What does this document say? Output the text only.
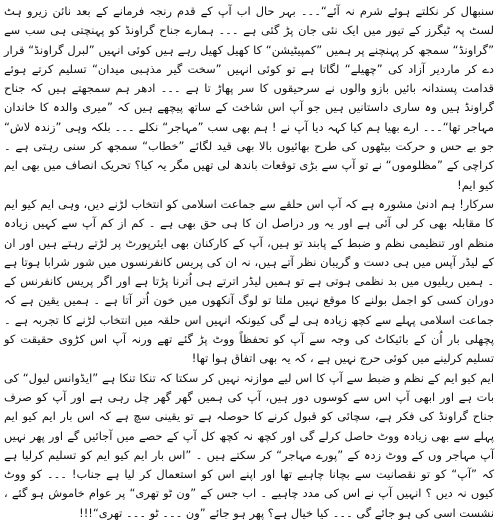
سنبھال کر نکلتے ہوئے شرم نہ آئے“۔۔۔ بہر حال اب آپ کے قدم رنجہ فرمانے کے بعد نائن زیرو ہٹ لسٹ پہ ٹیگرز کے تیور میں ایک نئی جان پڑ گئی ہے ۔۔۔ ہمارے جناح گراونڈ کو پہنچتی ہی سب سے ”گراونڈ“ سمجھ کر پہنچنے پر ہمیں ”کمپیٹیشن“ کا کھیل کھیل رہے ہیں کوئی انہیں ”لبرل گراونڈ“ قرار دے کر ماردیر آزاد کی ”چھیلے“ لگاتا ہے تو کوئی انہیں ”سخت گیر مذہبی میدان“ تسلیم کرتے ہوئے قدامت پسندانہ بائیں بازو والوں نے سرحیقوں کا سر پھاڑ تا ہے ۔۔۔ ادھر ہم سمجھتے ہیں کہ جناح گراونڈ ہیں وہ ساری داستانیں ہیں جو آپ اس شاخت کے ساتھ پیچھے ہیں کہ ”میری والدہ کا خاندان مہاجر تھا“۔۔۔ ارے بھیا ہم کیا کہہ دیا آپ نے ! ہم بھی سب ”مہاجر“ نکلے ۔۔۔ بلکہ وہی ”زندہ لاش“ جو بے حس و حرکت بیٹھوں کی طرح بھائیوں بالا بھی قید لگائے ”خطاب“ سمجھ کر سنی رہتی ہے ۔ کراچی کے ”مظلوموں“ نے تو آپ سے بڑی توقعات باندھ لی تھیں مگر یہ کیا؟ تحریک انصاف میں بھی ایم کیو ایم!

سرکار! ہم ادنیٰ مشورہ ہے کہ آپ اس حلقے سے جماعت اسلامی کو انتخاب لڑنے دیں، وہی ایم کیو ایم کا مقابلہ بھی کر لی آئی ہے اور یہ ور دراصل ان کا ہی حق بھی ہے ۔ کم از کم آپ سے کہیں زیادہ منظم اور تنظیمی نظم و ضبط کے پابند تو ہیں، آپ کے کارکنان بھی ایئرپورٹ پر لڑتے رہتے ہیں اور ان کے لیڈر آپس میں ہی دست و گریبان نظر آتے ہیں، نہ ان کی پریس کانفرنسوں میں شور شرابا ہوتا ہے ۔ ہمیں ریلیوں میں بد نظمی ہوتی ہے تو ہمیں لیڈر اترتے ہی اُترنا پڑتا ہے اور اگر پریس کانفرنس کے دوران کسی کو اجمل بولنے کا موقع نہیں ملتا تو لوگ آنکھوں میں خون اُتر آتا ہے ۔ ہمیں یقین ہے کہ جماعت اسلامی پہلے سے کچھ زیادہ ہی لے گی کیونکہ انہیں اس حلقہ میں انتخاب لڑنے کا تجربہ ہے ۔ پچھلی بار اُن کے بائیکاٹ کی وجہ سے آپ کو تحفظاً ووٹ پڑ گئے تھے ورنہ آپ اس کڑوی حقیقت کو تسلیم کرلینے میں کوئی حرج نہیں ہے ، کہ یہ بھی اتفاق ہوا تھا!

ایم کیو ایم کے نظم و ضبط سے آپ کا اس لیے موازنہ نہیں کر سکتا کہ تنکا تنکا ہے ”ایڈوانس لیول“ کی بات ہے اور ابھی آپ اس سے کوسوں دور ہیں، آپ کی ہمیں گھر گھر چل رہی ہے اور آپ کو صرف جناح گراونڈ کی فکر ہے، سچائی کو قبول کرنے کا حوصلہ ہے تو یقینی سچ ہے کہ اس بار ایم کیو ایم پہلے سے بھی زیادہ ووٹ حاصل کرلے گی اور کچھ نہ کچھ کل آپ کے حصے میں آجائیں گے اور پھر نہیں آپ مہاجر وں کے ووٹ زدہ کے ”پورے مہاجر“ کر سکتے ہیں ۔ ”اس بار ایم کیو ایم کو تسلیم کرلیا ہے کہ ”آپ“ کو تو نقصانیت سے بچانا چاہیے تھا اور اپنے اس کو استعمال کر لیا ہے جناب! ۔۔۔ کو ووٹ کیوں نہ دیں ؟ انہیں آپ نے اس کی مدد چاہیے ۔ اب جس کے ”ون ٹو تھری“ پر عوام خاموش ہو گئے ، نشست اسی کی ہو جائے گی ۔۔۔ کیا خیال ہے؟ پھر ہو جائے ”ون ۔۔۔ ٹو ۔۔۔ تھری“!!!
